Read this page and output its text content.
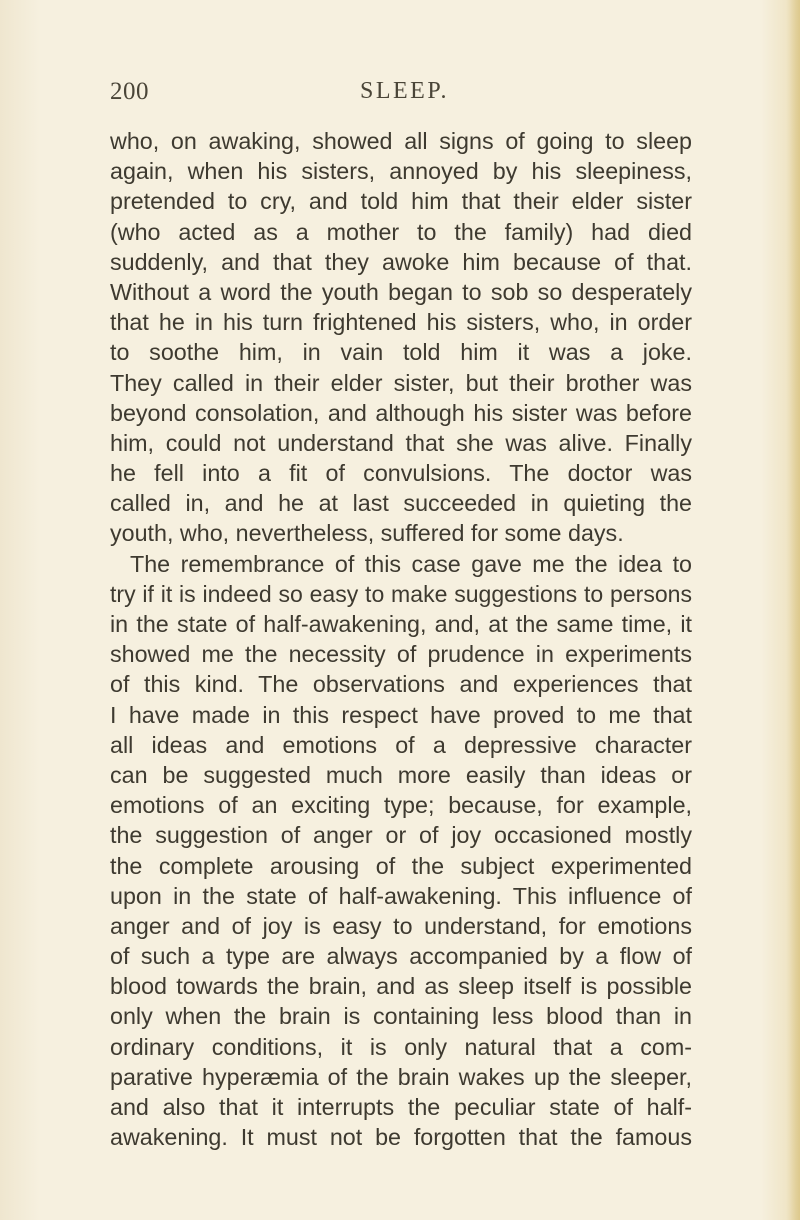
200	SLEEP.
who, on awaking, showed all signs of going to sleep
again, when his sisters, annoyed by his sleepiness,
pretended to cry, and told him that their elder sister
(who acted as a mother to the family) had died
suddenly, and that they awoke him because of that.
Without a word the youth began to sob so desperately
that he in his turn frightened his sisters, who, in order
to soothe him, in vain told him it was a joke.
They called in their elder sister, but their brother was
beyond consolation, and although his sister was before
him, could not understand that she was alive. Finally
he fell into a fit of convulsions. The doctor was
called in, and he at last succeeded in quieting the
youth, who, nevertheless, suffered for some days.
The remembrance of this case gave me the idea to
try if it is indeed so easy to make suggestions to persons
in the state of half-awakening, and, at the same time, it
showed me the necessity of prudence in experiments
of this kind. The observations and experiences that
I have made in this respect have proved to me that
all ideas and emotions of a depressive character
can be suggested much more easily than ideas or
emotions of an exciting type; because, for example,
the suggestion of anger or of joy occasioned mostly
the complete arousing of the subject experimented
upon in the state of half-awakening. This influence of
anger and of joy is easy to understand, for emotions
of such a type are always accompanied by a flow of
blood towards the brain, and as sleep itself is possible
only when the brain is containing less blood than in
ordinary conditions, it is only natural that a com-
parative hyperæmia of the brain wakes up the sleeper,
and also that it interrupts the peculiar state of half-
awakening. It must not be forgotten that the famous
